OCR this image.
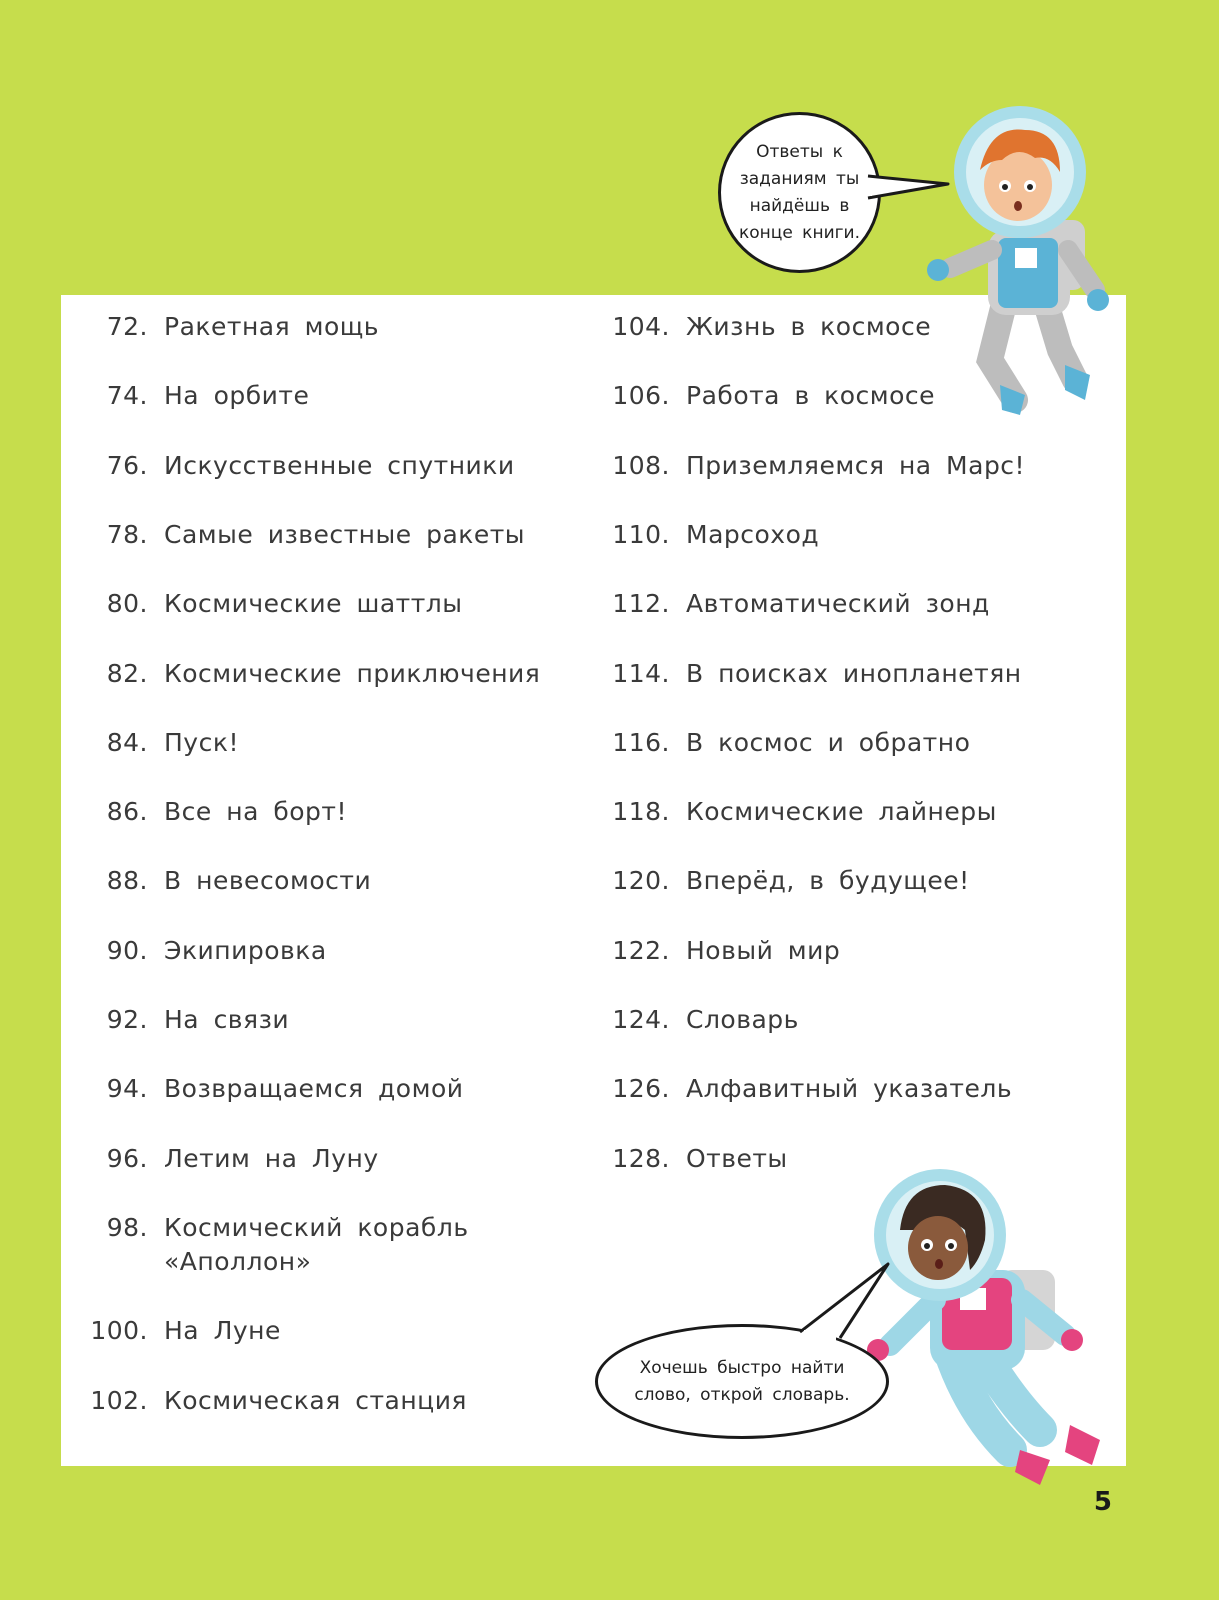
72. Ракетная мощь
74. На орбите
76. Искусственные спутники
78. Самые известные ракеты
80. Космические шаттлы
82. Космические приключения
84. Пуск!
86. Все на борт!
88. В невесомости
90. Экипировка
92. На связи
94. Возвращаемся домой
96. Летим на Луну
98. Космический корабль «Аполлон»
100. На Луне
102. Космическая станция
104. Жизнь в космосе
106. Работа в космосе
108. Приземляемся на Марс!
110. Марсоход
112. Автоматический зонд
114. В поисках инопланетян
116. В космос и обратно
118. Космические лайнеры
120. Вперёд, в будущее!
122. Новый мир
124. Словарь
126. Алфавитный указатель
128. Ответы
Ответы к заданиям ты найдёшь в конце книги.
Хочешь быстро найти слово, открой словарь.
5
